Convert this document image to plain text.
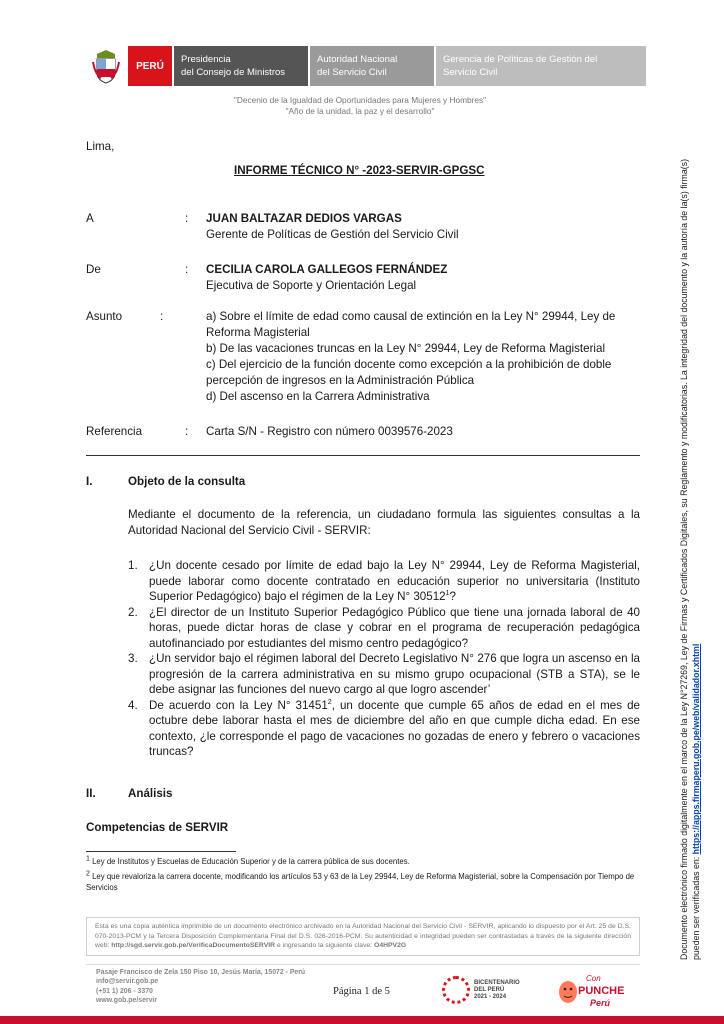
PERÚ
Presidencia
del Consejo de Ministros
Autoridad Nacional
del Servicio Civil
Gerencia de Políticas de Gestión del
Servicio Civil
"Decenio de la Igualdad de Oportunidades para Mujeres y Hombres"
"Año de la unidad, la paz y el desarrollo"
Lima,
INFORME TÉCNICO N° -2023-SERVIR-GPGSC
A	: JUAN BALTAZAR DEDIOS VARGAS
Gerente de Políticas de Gestión del Servicio Civil
De	: CECILIA CAROLA GALLEGOS FERNÁNDEZ
Ejecutiva de Soporte y Orientación Legal
Asunto	:	a) Sobre el límite de edad como causal de extinción en la Ley N° 29944, Ley de
Reforma Magisterial
b) De las vacaciones truncas en la Ley N° 29944, Ley de Reforma Magisterial
c) Del ejercicio de la función docente como excepción a la prohibición de doble
percepción de ingresos en la Administración Pública
d) Del ascenso en la Carrera Administrativa
Referencia	: Carta S/N - Registro con número 0039576-2023
I.	Objeto de la consulta
Mediante el documento de la referencia, un ciudadano formula las siguientes consultas a la Autoridad Nacional del Servicio Civil - SERVIR:
1. ¿Un docente cesado por límite de edad bajo la Ley N° 29944, Ley de Reforma Magisterial, puede laborar como docente contratado en educación superior no universitaria (Instituto Superior Pedagógico) bajo el régimen de la Ley N° 30512$^1$?
2. ¿El director de un Instituto Superior Pedagógico Público que tiene una jornada laboral de 40 horas, puede dictar horas de clase y cobrar en el programa de recuperación pedagógica autofinanciado por estudiantes del mismo centro pedagógico?
3. ¿Un servidor bajo el régimen laboral del Decreto Legislativo N° 276 que logra un ascenso en la progresión de la carrera administrativa en su mismo grupo ocupacional (STB a STA), se le debe asignar las funciones del nuevo cargo al que logro ascender’
4. De acuerdo con la Ley N° 31451$^2$, un docente que cumple 65 años de edad en el mes de octubre debe laborar hasta el mes de diciembre del año en que cumple dicha edad. En ese contexto, ¿le corresponde el pago de vacaciones no gozadas de enero y febrero o vacaciones truncas?
II.	Análisis
Competencias de SERVIR
$^1$ Ley de Institutos y Escuelas de Educación Superior y de la carrera pública de sus docentes.
$^2$ Ley que revaloriza la carrera docente, modificando los artículos 53 y 63 de la Ley 29944, Ley de Reforma Magisterial, sobre la Compensación por Tiempo de Servicios
Esta es una copia auténtica imprimible de un documento electrónico archivado en la Autoridad Nacional del Servicio Civil - SERVIR, aplicando lo dispuesto por el Art. 25 de D.S. 070-2013-PCM y la Tercera Disposición Complementaria Final del D.S. 026-2016-PCM. Su autenticidad e integridad pueden ser contrastadas a través de la siguiente dirección web: http://sgd.servir.gob.pe/VerificaDocumentoSERVIR e ingresando la siguiente clave: O4HPV2G
Pasaje Francisco de Zela 150 Piso 10, Jesús María, 15072 - Perú
info@servir.gob.pe
(+51 1) 206 - 3370
www.gob.pe/servir
Página 1 de 5
BICENTENARIO
DEL PERÚ
2021 - 2024
Con
PUNCHE
Perú
Documento electrónico firmado digitalmente en el marco de la Ley N°27269, Ley de Firmas y Certificados Digitales, su Reglamento y modificatorias. La integridad del documento y la autoría de la(s) firma(s) pueden ser verificadas en: https://apps.firmaperu.gob.pe/web/validador.xhtml
